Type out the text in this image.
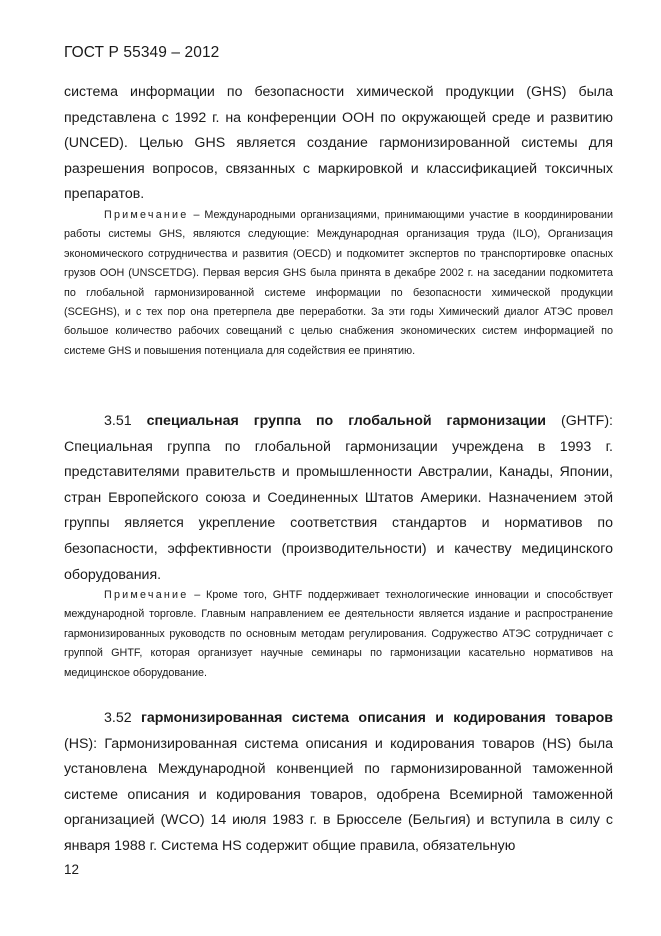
ГОСТ Р 55349 – 2012

система информации по безопасности химической продукции (GHS) была представлена с 1992 г. на конференции ООН по окружающей среде и развитию (UNCED). Целью GHS является создание гармонизированной системы для разрешения вопросов, связанных с маркировкой и классификацией токсичных препаратов.

Примечание – Международными организациями, принимающими участие в координировании работы системы GHS, являются следующие: Международная организация труда (ILO), Организация экономического сотрудничества и развития (OECD) и подкомитет экспертов по транспортировке опасных грузов ООН (UNSCETDG). Первая версия GHS была принята в декабре 2002 г. на заседании подкомитета по глобальной гармонизированной системе информации по безопасности химической продукции (SCEGHS), и с тех пор она претерпела две переработки. За эти годы Химический диалог АТЭС провел большое количество рабочих совещаний с целью снабжения экономических систем информацией по системе GHS и повышения потенциала для содействия ее принятию.

3.51 специальная группа по глобальной гармонизации (GHTF): Специальная группа по глобальной гармонизации учреждена в 1993 г. представителями правительств и промышленности Австралии, Канады, Японии, стран Европейского союза и Соединенных Штатов Америки. Назначением этой группы является укрепление соответствия стандартов и нормативов по безопасности, эффективности (производительности) и качеству медицинского оборудования.

Примечание – Кроме того, GHTF поддерживает технологические инновации и способствует международной торговле. Главным направлением ее деятельности является издание и распространение гармонизированных руководств по основным методам регулирования. Содружество АТЭС сотрудничает с группой GHTF, которая организует научные семинары по гармонизации касательно нормативов на медицинское оборудование.

3.52 гармонизированная система описания и кодирования товаров (HS): Гармонизированная система описания и кодирования товаров (HS) была установлена Международной конвенцией по гармонизированной таможенной системе описания и кодирования товаров, одобрена Всемирной таможенной организацией (WCO) 14 июля 1983 г. в Брюсселе (Бельгия) и вступила в силу с января 1988 г. Система HS содержит общие правила, обязательную

12
